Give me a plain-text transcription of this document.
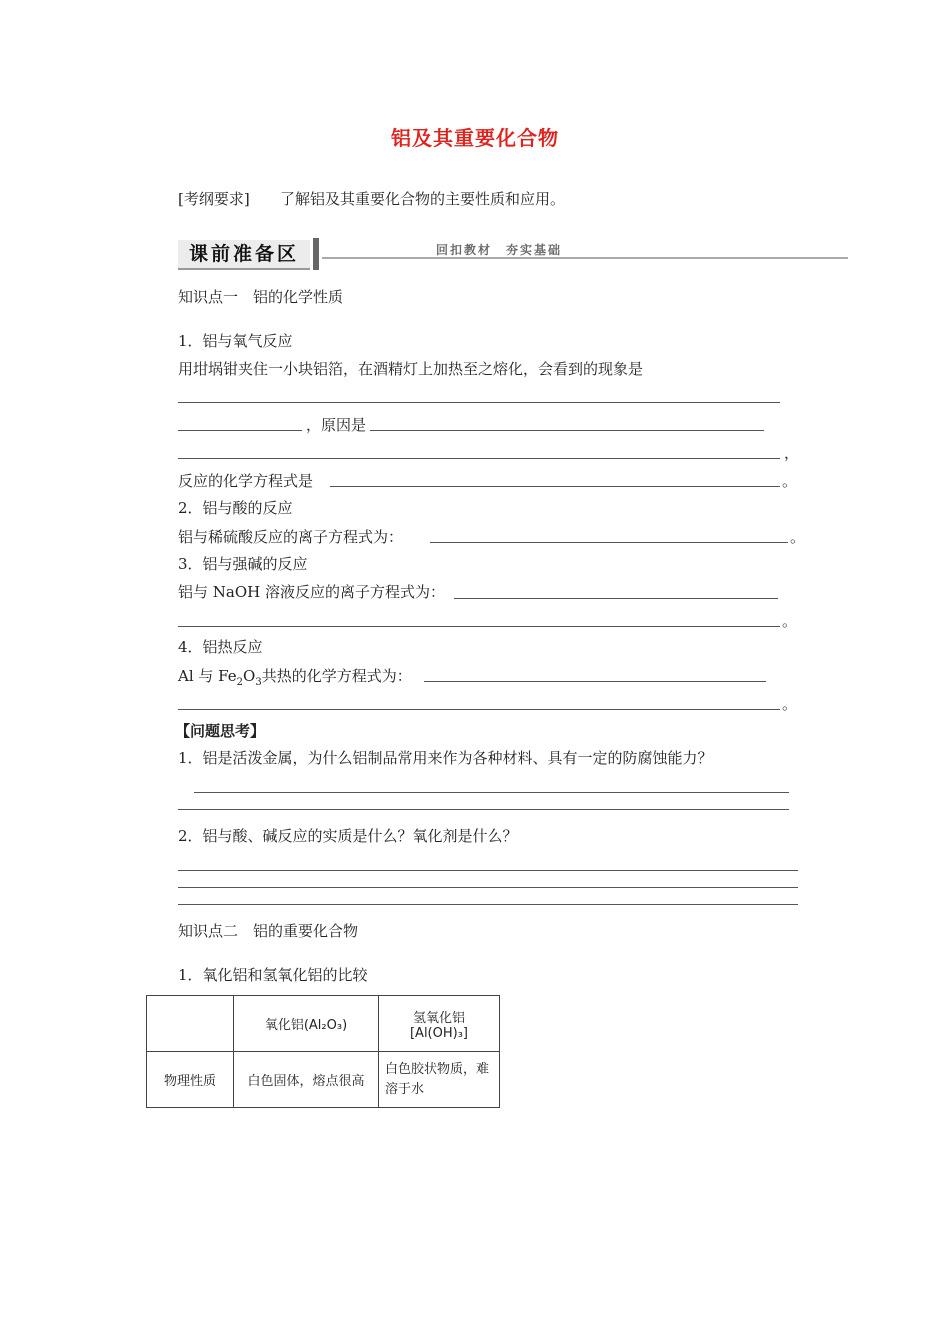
铝及其重要化合物
[考纲要求] 了解铝及其重要化合物的主要性质和应用。
课前准备区	回扣教材　夯实基础
知识点一　铝的化学性质
1．铝与氧气反应
用坩埚钳夹住一小块铝箔，在酒精灯上加热至之熔化，会看到的现象是
，原因是
，
反应的化学方程式是	。
2．铝与酸的反应
铝与稀硫酸反应的离子方程式为：	。
3．铝与强碱的反应
铝与 NaOH 溶液反应的离子方程式为：
。
4．铝热反应
Al 与 $Fe_2O_3$共热的化学方程式为：
。
【问题思考】
1．铝是活泼金属，为什么铝制品常用来作为各种材料、具有一定的防腐蚀能力？
2．铝与酸、碱反应的实质是什么？氧化剂是什么？
知识点二　铝的重要化合物
1．氧化铝和氢氧化铝的比较
	氧化铝(Al₂O₃)	氢氧化铝
[Al(OH)₃]

物理性质	白色固体，熔点很高	白色胶状物质，难溶于水
